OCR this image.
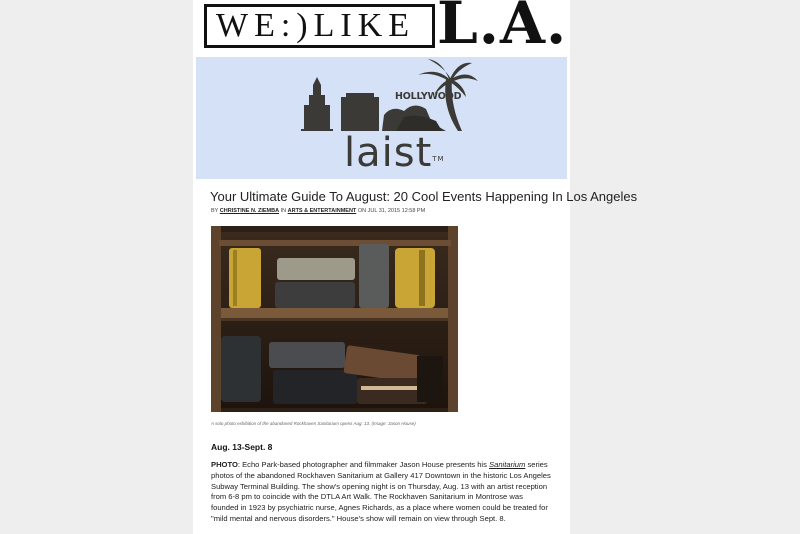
WE:)LIKE L.A.
HOLLYWOOD
laist™
Your Ultimate Guide To August: 20 Cool Events Happening In Los Angeles
BY CHRISTINE N. ZIEMBA IN ARTS & ENTERTAINMENT ON JUL 31, 2015 12:58 PM
A solo photo exhibition of the abandoned Rockhaven Sanitarium opens Aug. 13. (Image: Jason House)
Aug. 13-Sept. 8
PHOTO: Echo Park-based photographer and filmmaker Jason House presents his Sanitarium series photos of the abandoned Rockhaven Sanitarium at Gallery 417 Downtown in the historic Los Angeles Subway Terminal Building. The show's opening night is on Thursday, Aug. 13 with an artist reception from 6-8 pm to coincide with the DTLA Art Walk. The Rockhaven Sanitarium in Montrose was founded in 1923 by psychiatric nurse, Agnes Richards, as a place where women could be treated for "mild mental and nervous disorders." House's show will remain on view through Sept. 8.
